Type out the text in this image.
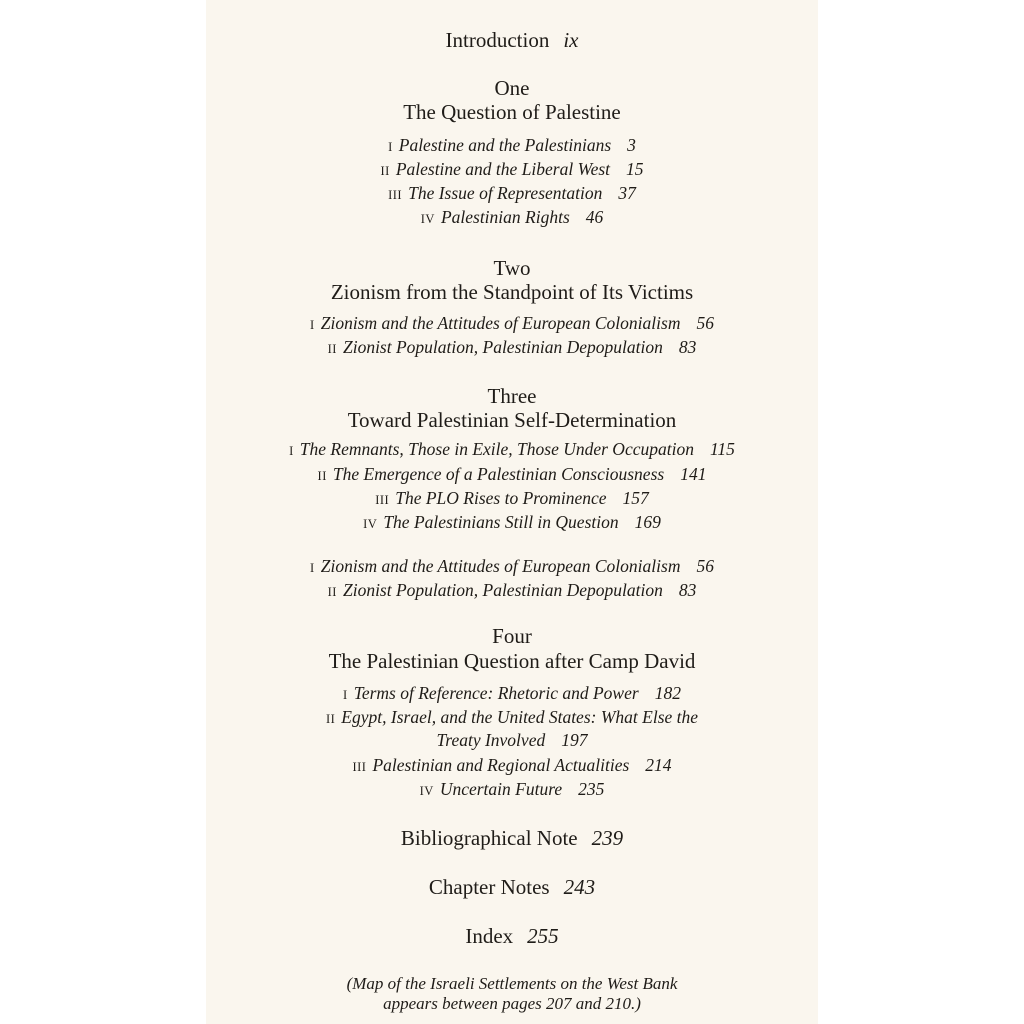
Introduction ix
One
The Question of Palestine
I Palestine and the Palestinians 3
II Palestine and the Liberal West 15
III The Issue of Representation 37
IV Palestinian Rights 46
Two
Zionism from the Standpoint of Its Victims
I Zionism and the Attitudes of European Colonialism 56
II Zionist Population, Palestinian Depopulation 83
Three
Toward Palestinian Self-Determination
I The Remnants, Those in Exile, Those Under Occupation 115
II The Emergence of a Palestinian Consciousness 141
III The PLO Rises to Prominence 157
IV The Palestinians Still in Question 169
I Zionism and the Attitudes of European Colonialism 56
II Zionist Population, Palestinian Depopulation 83
Four
The Palestinian Question after Camp David
I Terms of Reference: Rhetoric and Power 182
II Egypt, Israel, and the United States: What Else the
Treaty Involved 197
III Palestinian and Regional Actualities 214
IV Uncertain Future 235
Bibliographical Note 239
Chapter Notes 243
Index 255
(Map of the Israeli Settlements on the West Bank
appears between pages 207 and 210.)
